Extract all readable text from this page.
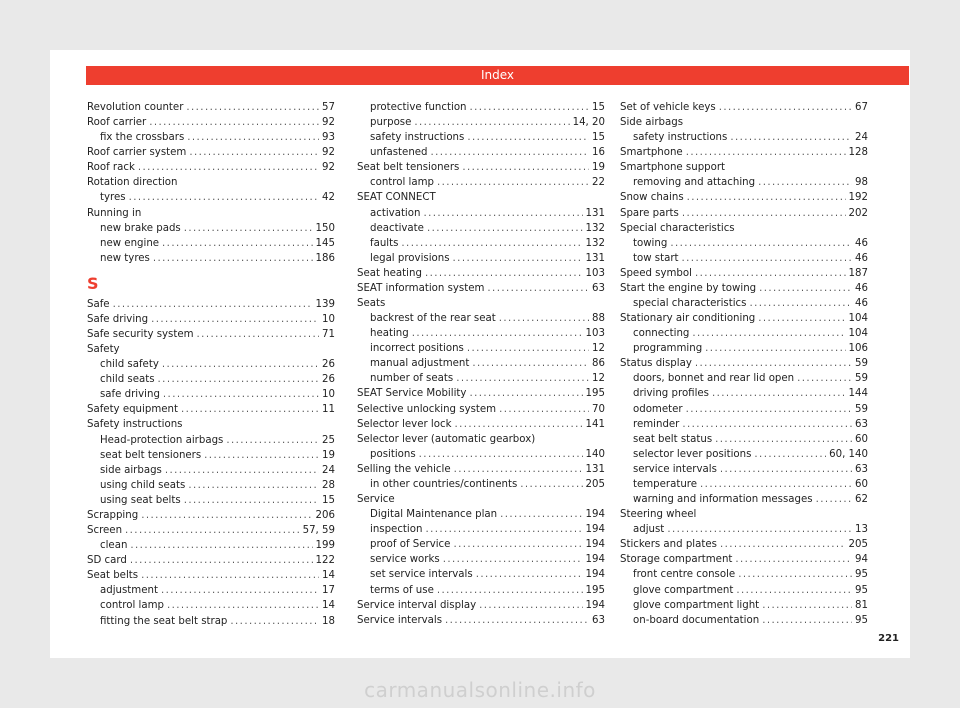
Index
Revolution counter .....	57
Roof carrier .....	92
fix the crossbars .....	93
Roof carrier system .....	92
Roof rack .....	92
Rotation direction
tyres .....	42
Running in
new brake pads .....	150
new engine .....	145
new tyres .....	186
S
Safe .....	139
Safe driving .....	10
Safe security system .....	71
Safety
child safety .....	26
child seats .....	26
safe driving .....	10
Safety equipment .....	11
Safety instructions
Head-protection airbags .....	25
seat belt tensioners .....	19
side airbags .....	24
using child seats .....	28
using seat belts .....	15
Scrapping .....	206
Screen .....	57, 59
clean .....	199
SD card .....	122
Seat belts .....	14
adjustment .....	17
control lamp .....	14
fitting the seat belt strap .....	18
protective function .....	15
purpose .....	14, 20
safety instructions .....	15
unfastened .....	16
Seat belt tensioners .....	19
control lamp .....	22
SEAT CONNECT
activation .....	131
deactivate .....	132
faults .....	132
legal provisions .....	131
Seat heating .....	103
SEAT information system .....	63
Seats
backrest of the rear seat .....	88
heating .....	103
incorrect positions .....	12
manual adjustment .....	86
number of seats .....	12
SEAT Service Mobility .....	195
Selective unlocking system .....	70
Selector lever lock .....	141
Selector lever (automatic gearbox)
positions .....	140
Selling the vehicle .....	131
in other countries/continents .....	205
Service
Digital Maintenance plan .....	194
inspection .....	194
proof of Service .....	194
service works .....	194
set service intervals .....	194
terms of use .....	195
Service interval display .....	194
Service intervals .....	63
Set of vehicle keys .....	67
Side airbags
safety instructions .....	24
Smartphone .....	128
Smartphone support
removing and attaching .....	98
Snow chains .....	192
Spare parts .....	202
Special characteristics
towing .....	46
tow start .....	46
Speed symbol .....	187
Start the engine by towing .....	46
special characteristics .....	46
Stationary air conditioning .....	104
connecting .....	104
programming .....	106
Status display .....	59
doors, bonnet and rear lid open .....	59
driving profiles .....	144
odometer .....	59
reminder .....	63
seat belt status .....	60
selector lever positions .....	60, 140
service intervals .....	63
temperature .....	60
warning and information messages .....	62
Steering wheel
adjust .....	13
Stickers and plates .....	205
Storage compartment .....	94
front centre console .....	95
glove compartment .....	95
glove compartment light .....	81
on-board documentation .....	95
221
carmanualsonline.info
